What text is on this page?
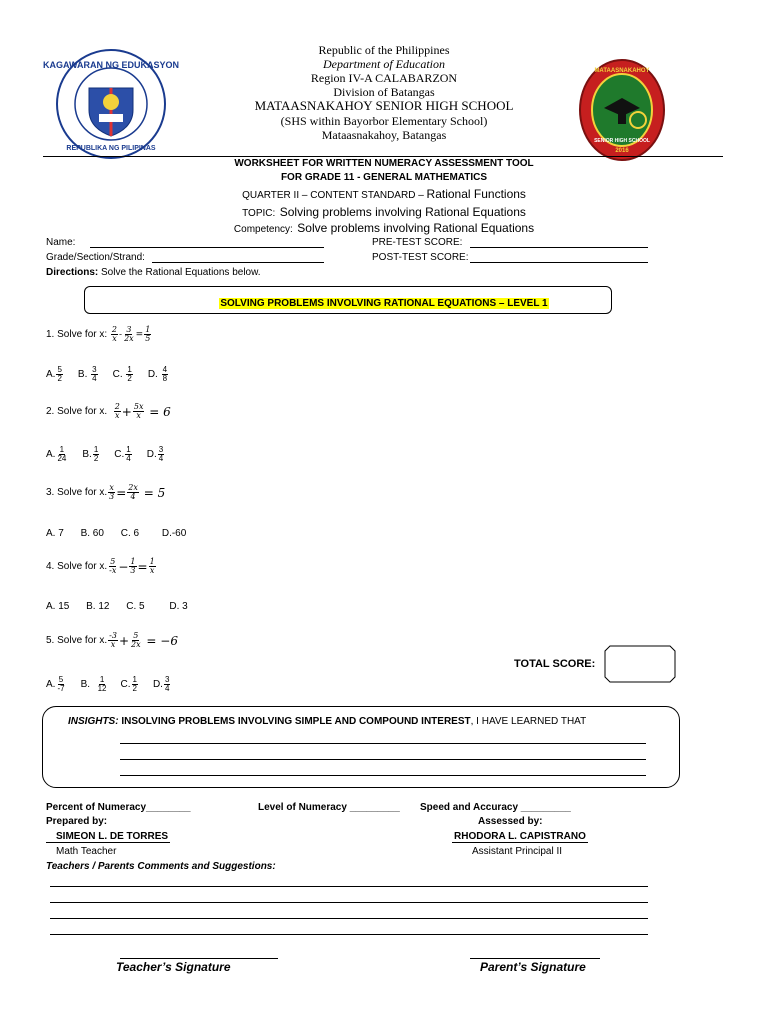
KAGAWARAN NG EDUKASYON
REPUBLIKA NG PILIPINAS
MATAASNAKAHOY
SENIOR HIGH SCHOOL
2016
Republic of the Philippines
Department of Education
Region IV-A CALABARZON
Division of Batangas
MATAASNAKAHOY SENIOR HIGH SCHOOL
(SHS within Bayorbor Elementary School)
Mataasnakahoy, Batangas
WORKSHEET FOR WRITTEN NUMERACY ASSESSMENT TOOL
FOR GRADE 11 - GENERAL MATHEMATICS
QUARTER II – CONTENT STANDARD – Rational Functions
TOPIC: Solving problems involving Rational Equations
Competency: Solve problems involving Rational Equations
Name:	PRE-TEST SCORE:
Grade/Section/Strand:	POST-TEST SCORE:
Directions: Solve the Rational Equations below.
SOLVING PROBLEMS INVOLVING RATIONAL EQUATIONS – LEVEL 1
1. Solve for x:
$\frac{2}{x} - \frac{3}{2x} = \frac{1}{5}$
A. $\frac{5}{2} B$. $\frac{3}{4} C$. $\frac{1}{2} D$. $\frac{4}{8}$
2. Solve for x.
$\frac{2}{x} + \frac{5x}{x} = 6$
A. $\frac{1}{24} B$. $\frac{1}{2} C$. $\frac{1}{4} D$. $\frac{3}{4}$
3. Solve for x. $\frac{x}{3} = \frac{2x}{4} = 5$
A. 7 B. 60 C. 6 D.-60
4. Solve for x. $\frac{5}{-x} - \frac{1}{3} = \frac{1}{x}$
A. 15 B. 12 C. 5 D. 3
5. Solve for x. $\frac{-3}{x} + \frac{5}{2x} = -6$
A. $\frac{5}{-7} B$. $\frac{1}{12} C$. $\frac{1}{2} D$. $\frac{3}{4}$
TOTAL SCORE:
INSIGHTS: INSOLVING PROBLEMS INVOLVING SIMPLE AND COMPOUND INTEREST, I HAVE LEARNED THAT
Percent of Numeracy________	Level of Numeracy _________ Speed and Accuracy _________
Prepared by:	Assessed by:
SIMEON L. DE TORRES	RHODORA L. CAPISTRANO
Math Teacher	Assistant Principal II
Teachers / Parents Comments and Suggestions:
Teacher’s Signature	Parent’s Signature
